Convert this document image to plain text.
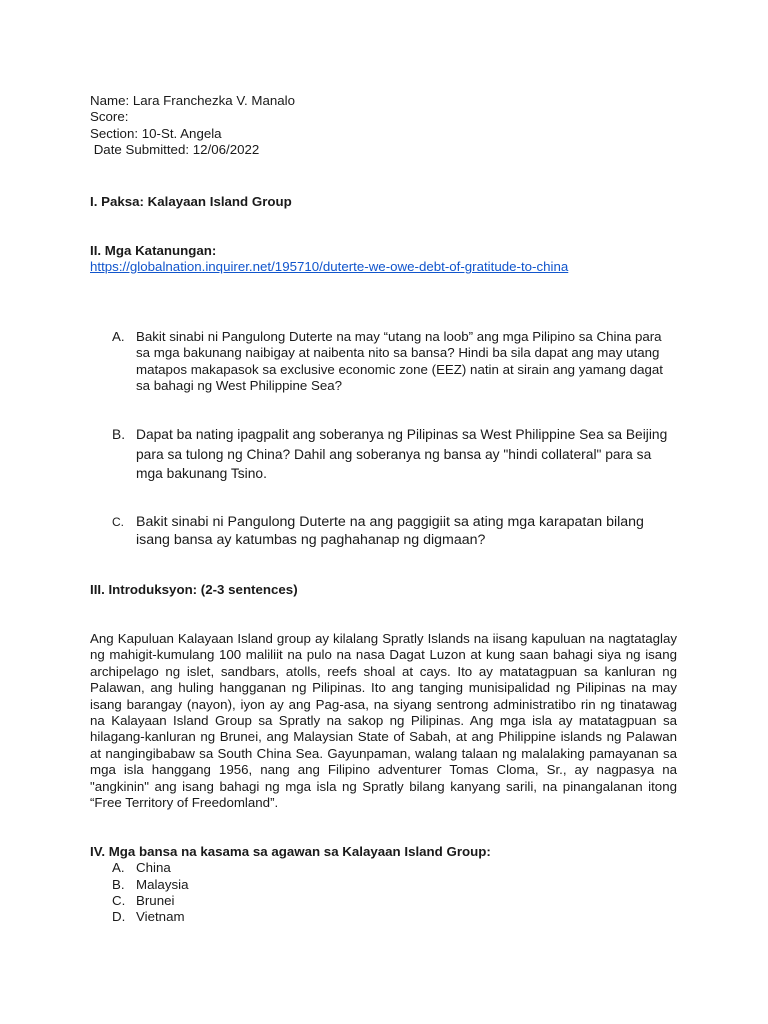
Name: Lara Franchezka V. Manalo
Score:
Section: 10-St. Angela
Date Submitted: 12/06/2022
I. Paksa: Kalayaan Island Group
II. Mga Katanungan:
https://globalnation.inquirer.net/195710/duterte-we-owe-debt-of-gratitude-to-china
A. Bakit sinabi ni Pangulong Duterte na may “utang na loob” ang mga Pilipino sa China para sa mga bakunang naibigay at naibenta nito sa bansa? Hindi ba sila dapat ang may utang matapos makapasok sa exclusive economic zone (EEZ) natin at sirain ang yamang dagat sa bahagi ng West Philippine Sea?
B. Dapat ba nating ipagpalit ang soberanya ng Pilipinas sa West Philippine Sea sa Beijing para sa tulong ng China? Dahil ang soberanya ng bansa ay "hindi collateral" para sa mga bakunang Tsino.
C. Bakit sinabi ni Pangulong Duterte na ang paggigiit sa ating mga karapatan bilang isang bansa ay katumbas ng paghahanap ng digmaan?
III. Introduksyon: (2-3 sentences)
Ang Kapuluan Kalayaan Island group ay kilalang Spratly Islands na iisang kapuluan na nagtataglay ng mahigit-kumulang 100 maliliit na pulo na nasa Dagat Luzon at kung saan bahagi siya ng isang archipelago ng islet, sandbars, atolls, reefs shoal at cays. Ito ay matatagpuan sa kanluran ng Palawan, ang huling hangganan ng Pilipinas. Ito ang tanging munisipalidad ng Pilipinas na may isang barangay (nayon), iyon ay ang Pag-asa, na siyang sentrong administratibo rin ng tinatawag na Kalayaan Island Group sa Spratly na sakop ng Pilipinas. Ang mga isla ay matatagpuan sa hilagang-kanluran ng Brunei, ang Malaysian State of Sabah, at ang Philippine islands ng Palawan at nangingibabaw sa South China Sea. Gayunpaman, walang talaan ng malalaking pamayanan sa mga isla hanggang 1956, nang ang Filipino adventurer Tomas Cloma, Sr., ay nagpasya na "angkinin" ang isang bahagi ng mga isla ng Spratly bilang kanyang sarili, na pinangalanan itong “Free Territory of Freedomland”.
IV. Mga bansa na kasama sa agawan sa Kalayaan Island Group:
A. China
B. Malaysia
C. Brunei
D. Vietnam
